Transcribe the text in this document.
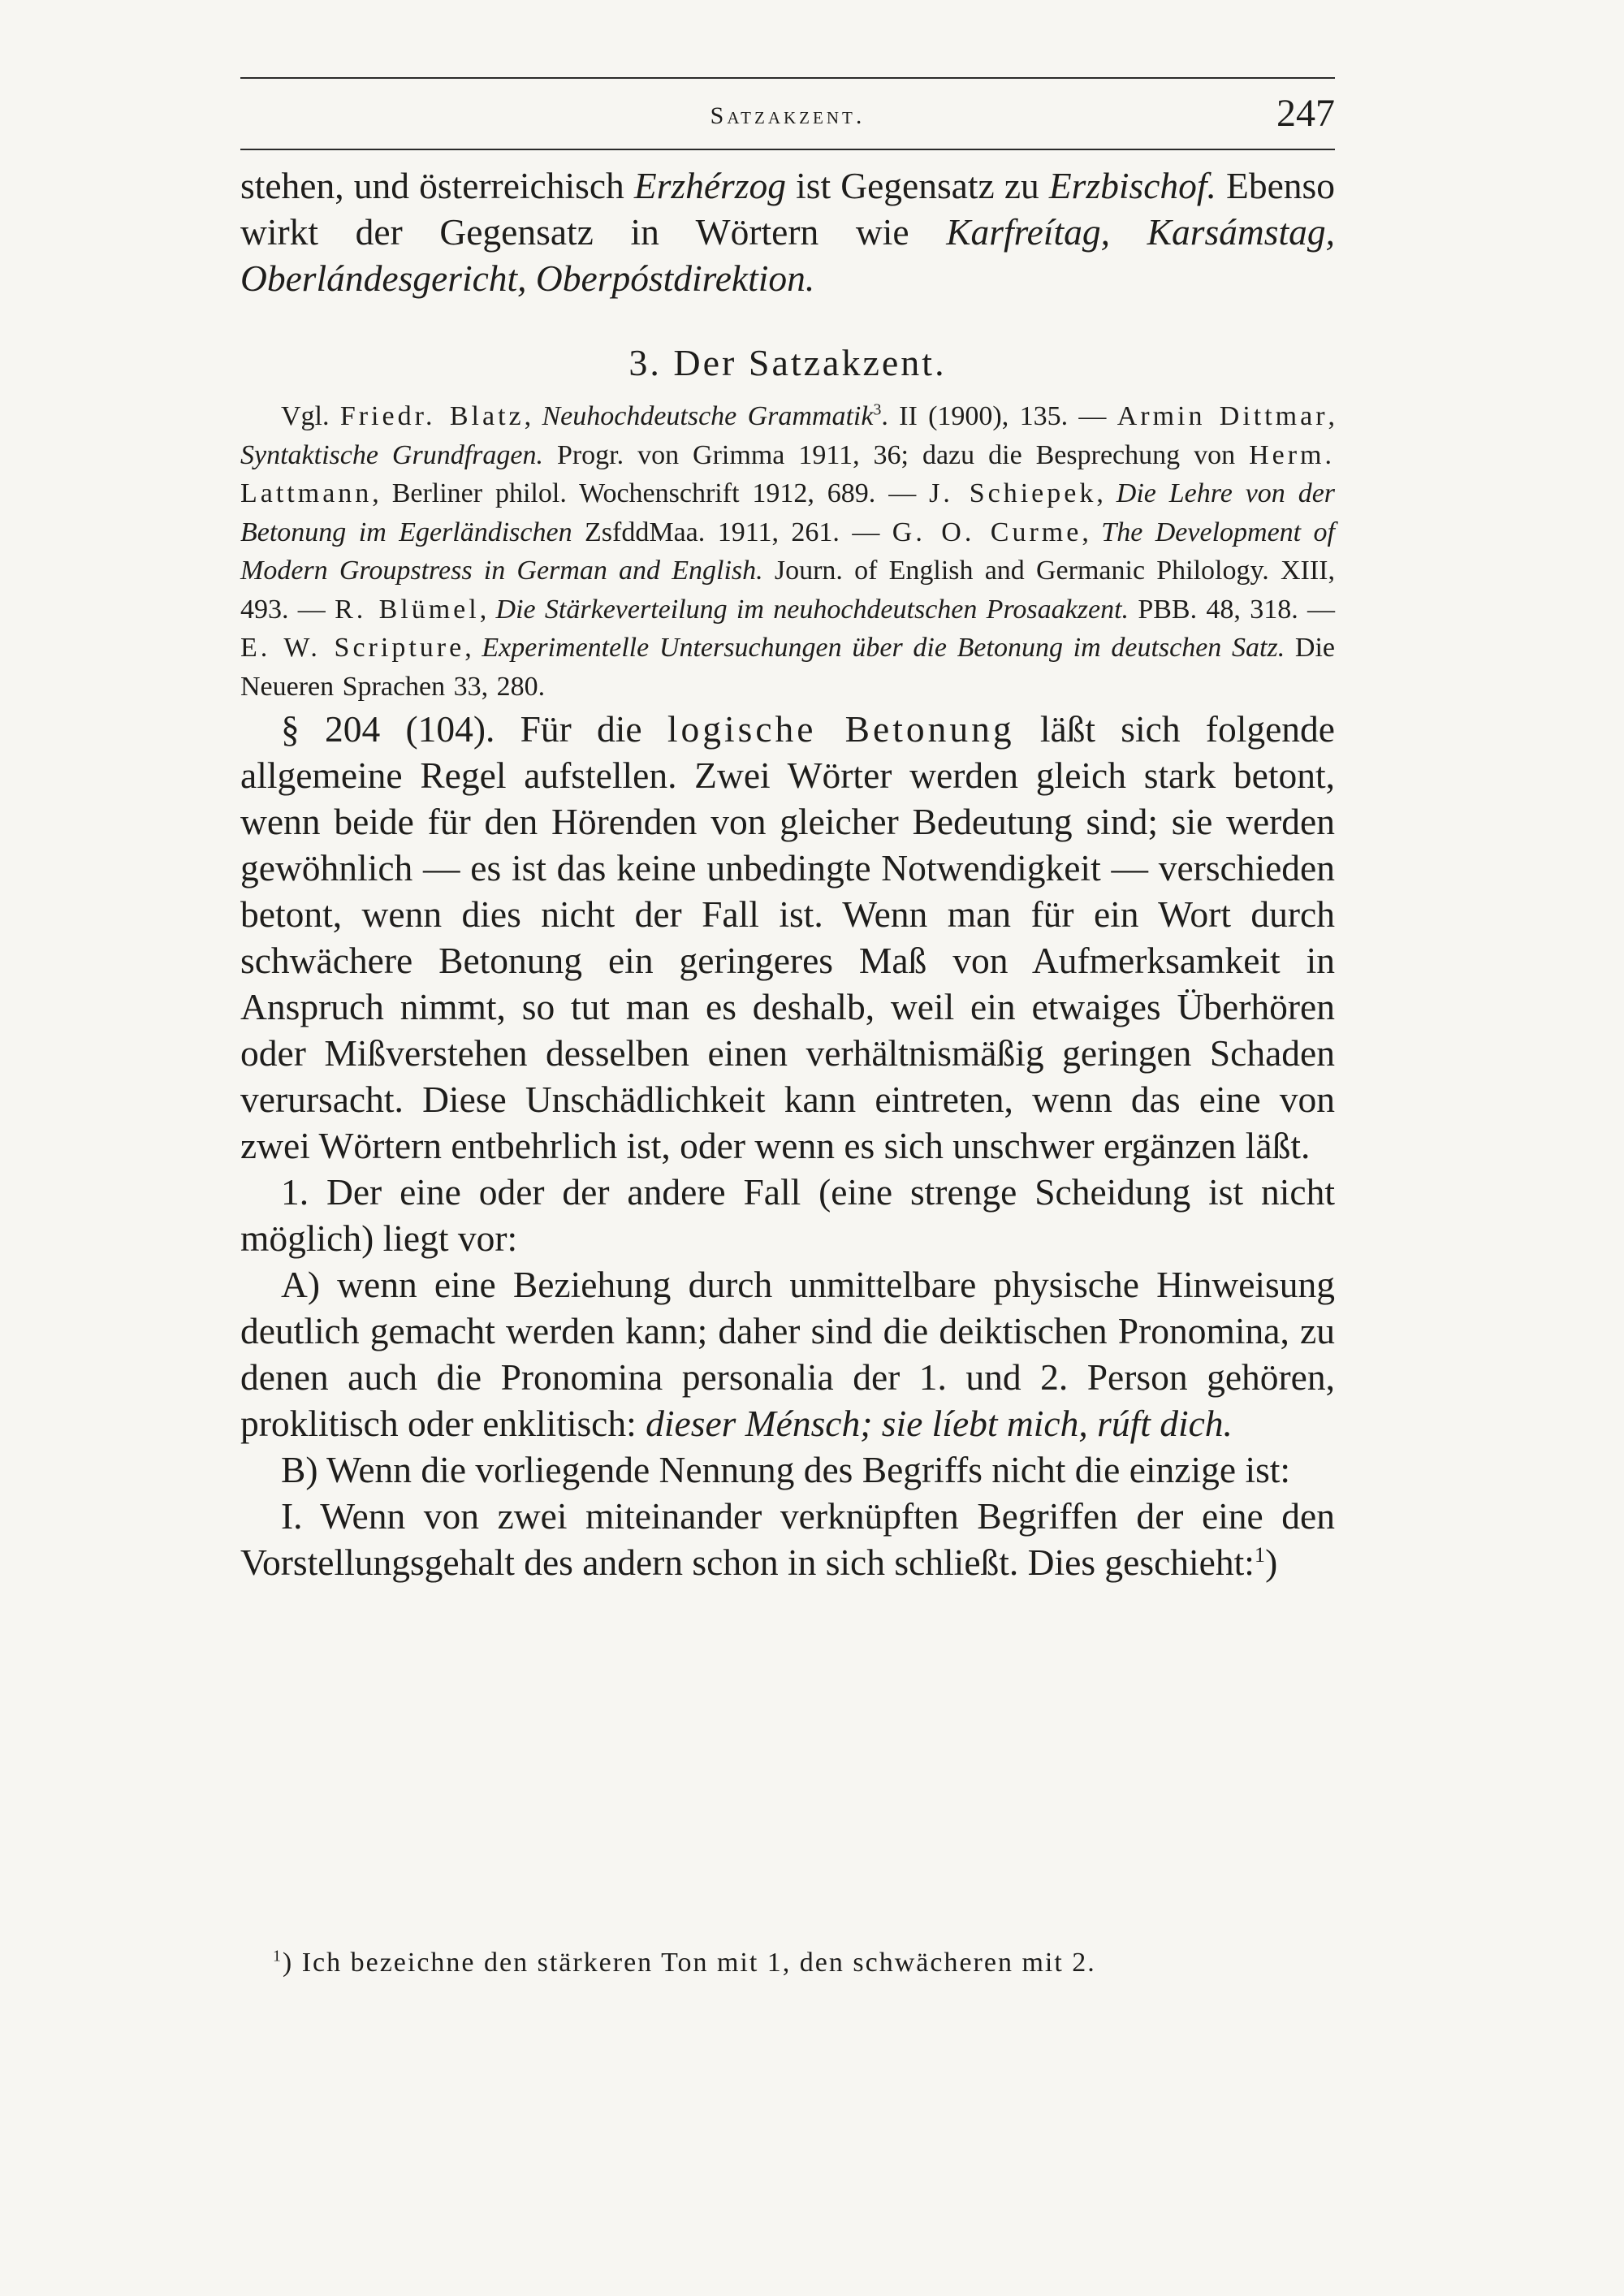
Satzakzent.	247

stehen, und österreichisch Erzhérzog ist Gegensatz zu Erzbischof. Ebenso wirkt der Gegensatz in Wörtern wie Karfreítag, Karsámstag, Oberlándesgericht, Oberpóstdirektion.

3. Der Satzakzent.

Vgl. Friedr. Blatz, Neuhochdeutsche Grammatik$^3$. II (1900), 135. — Armin Dittmar, Syntaktische Grundfragen. Progr. von Grimma 1911, 36; dazu die Besprechung von Herm. Lattmann, Berliner philol. Wochenschrift 1912, 689. — J. Schiepek, Die Lehre von der Betonung im Egerländischen ZsfddMaa. 1911, 261. — G. O. Curme, The Development of Modern Groupstress in German and English. Journ. of English and Germanic Philology. XIII, 493. — R. Blümel, Die Stärkeverteilung im neuhochdeutschen Prosaakzent. PBB. 48, 318. — E. W. Scripture, Experimentelle Untersuchungen über die Betonung im deutschen Satz. Die Neueren Sprachen 33, 280.

§ 204 (104). Für die logische Betonung läßt sich folgende allgemeine Regel aufstellen. Zwei Wörter werden gleich stark betont, wenn beide für den Hörenden von gleicher Bedeutung sind; sie werden gewöhnlich — es ist das keine unbedingte Notwendigkeit — verschieden betont, wenn dies nicht der Fall ist. Wenn man für ein Wort durch schwächere Betonung ein geringeres Maß von Aufmerksamkeit in Anspruch nimmt, so tut man es deshalb, weil ein etwaiges Überhören oder Mißverstehen desselben einen verhältnismäßig geringen Schaden verursacht. Diese Unschädlichkeit kann eintreten, wenn das eine von zwei Wörtern entbehrlich ist, oder wenn es sich unschwer ergänzen läßt.

1. Der eine oder der andere Fall (eine strenge Scheidung ist nicht möglich) liegt vor:

A) wenn eine Beziehung durch unmittelbare physische Hinweisung deutlich gemacht werden kann; daher sind die deiktischen Pronomina, zu denen auch die Pronomina personalia der 1. und 2. Person gehören, proklitisch oder enklitisch: dieser Ménsch; sie líebt mich, rúft dich.

B) Wenn die vorliegende Nennung des Begriffs nicht die einzige ist:

I. Wenn von zwei miteinander verknüpften Begriffen der eine den Vorstellungsgehalt des andern schon in sich schließt. Dies geschieht:$^1$)

$^1$) Ich bezeichne den stärkeren Ton mit 1, den schwächeren mit 2.
